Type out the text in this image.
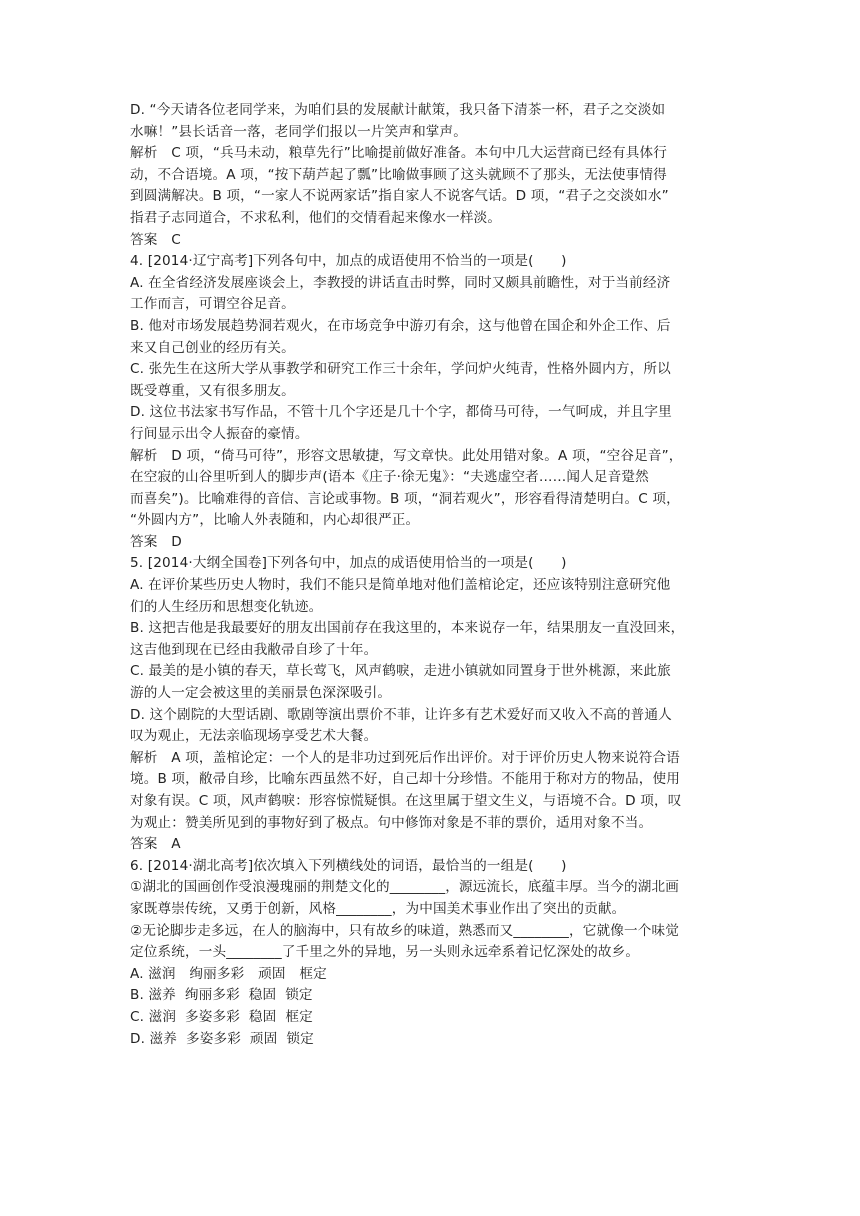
D. “今天请各位老同学来，为咱们县的发展献计献策，我只备下清茶一杯，君子之交淡如
水嘛！”县长话音一落，老同学们报以一片笑声和掌声。
解析　C 项，“兵马未动，粮草先行”比喻提前做好准备。本句中几大运营商已经有具体行
动，不合语境。A 项，“按下葫芦起了瓢”比喻做事顾了这头就顾不了那头，无法使事情得
到圆满解决。B 项，“一家人不说两家话”指自家人不说客气话。D 项，“君子之交淡如水”
指君子志同道合，不求私利，他们的交情看起来像水一样淡。
答案　C
4. [2014·辽宁高考]下列各句中，加点的成语使用不恰当的一项是(　　)
A. 在全省经济发展座谈会上，李教授的讲话直击时弊，同时又颇具前瞻性，对于当前经济
工作而言，可谓空谷足音。
B. 他对市场发展趋势洞若观火，在市场竞争中游刃有余，这与他曾在国企和外企工作、后
来又自己创业的经历有关。
C. 张先生在这所大学从事教学和研究工作三十余年，学问炉火纯青，性格外圆内方，所以
既受尊重，又有很多朋友。
D. 这位书法家书写作品，不管十几个字还是几十个字，都倚马可待，一气呵成，并且字里
行间显示出令人振奋的豪情。
解析　D 项，“倚马可待”，形容文思敏捷，写文章快。此处用错对象。A 项，“空谷足音”，
在空寂的山谷里听到人的脚步声(语本《庄子·徐无鬼》：“夫逃虚空者……闻人足音跫然
而喜矣”)。比喻难得的音信、言论或事物。B 项，“洞若观火”，形容看得清楚明白。C 项，
“外圆内方”，比喻人外表随和，内心却很严正。
答案　D
5. [2014·大纲全国卷]下列各句中，加点的成语使用恰当的一项是(　　)
A. 在评价某些历史人物时，我们不能只是简单地对他们盖棺论定，还应该特别注意研究他
们的人生经历和思想变化轨迹。
B. 这把吉他是我最要好的朋友出国前存在我这里的，本来说存一年，结果朋友一直没回来，
这吉他到现在已经由我敝帚自珍了十年。
C. 最美的是小镇的春天，草长莺飞，风声鹤唳，走进小镇就如同置身于世外桃源，来此旅
游的人一定会被这里的美丽景色深深吸引。
D. 这个剧院的大型话剧、歌剧等演出票价不菲，让许多有艺术爱好而又收入不高的普通人
叹为观止，无法亲临现场享受艺术大餐。
解析　A 项，盖棺论定：一个人的是非功过到死后作出评价。对于评价历史人物来说符合语
境。B 项，敝帚自珍，比喻东西虽然不好，自己却十分珍惜。不能用于称对方的物品，使用
对象有误。C 项，风声鹤唳：形容惊慌疑惧。在这里属于望文生义，与语境不合。D 项，叹
为观止：赞美所见到的事物好到了极点。句中修饰对象是不菲的票价，适用对象不当。
答案　A
6. [2014·湖北高考]依次填入下列横线处的词语，最恰当的一组是(　　)
①湖北的国画创作受浪漫瑰丽的荆楚文化的________，源远流长，底蕴丰厚。当今的湖北画
家既尊崇传统，又勇于创新，风格________，为中国美术事业作出了突出的贡献。
②无论脚步走多远，在人的脑海中，只有故乡的味道，熟悉而又________，它就像一个味觉
定位系统，一头________了千里之外的异地，另一头则永远牵系着记忆深处的故乡。
A. 滋润　绚丽多彩　顽固　框定
B. 滋养  绚丽多彩  稳固  锁定
C. 滋润  多姿多彩  稳固  框定
D. 滋养  多姿多彩  顽固  锁定
